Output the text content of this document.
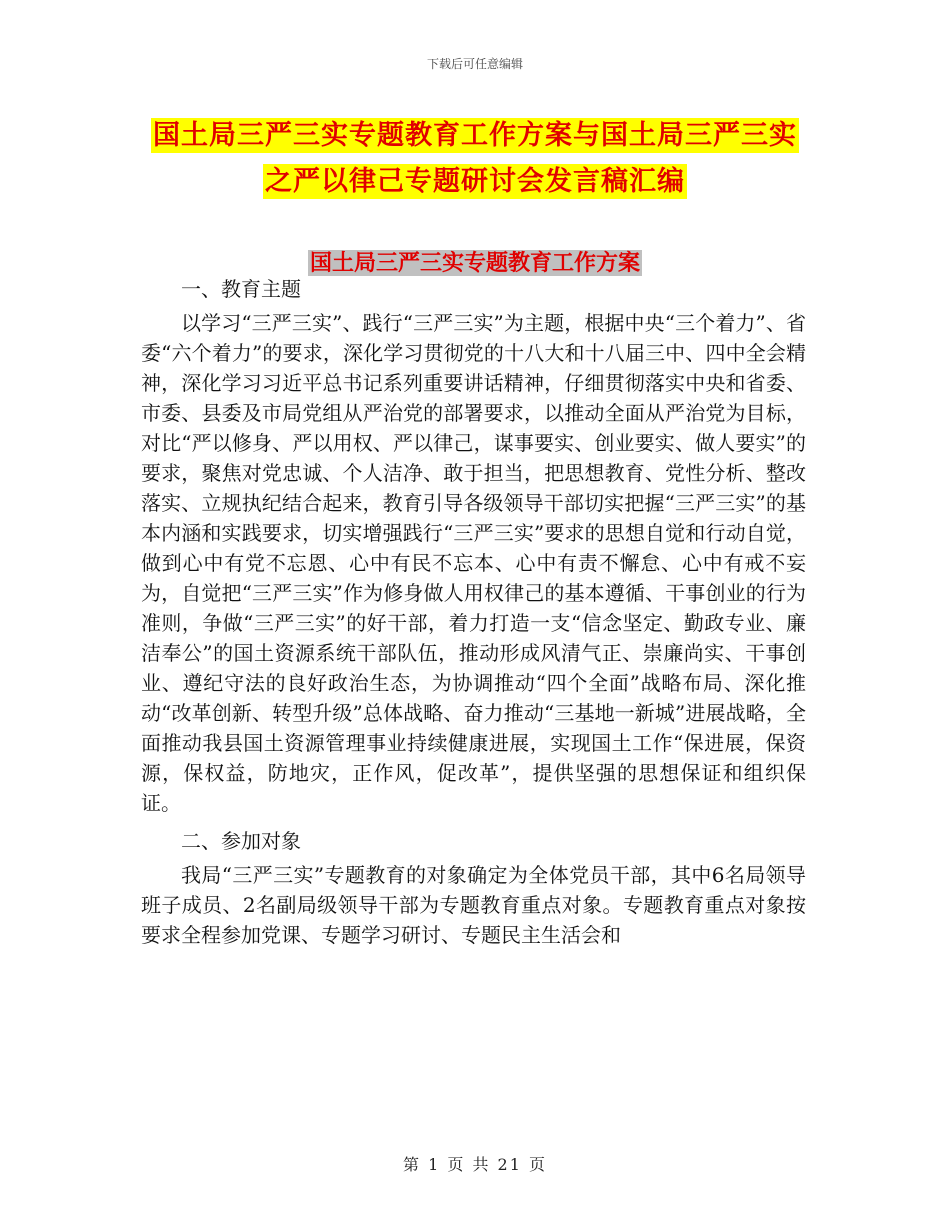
下载后可任意编辑
国土局三严三实专题教育工作方案与国土局三严三实
之严以律己专题研讨会发言稿汇编
国土局三严三实专题教育工作方案

一、教育主题

以学习“三严三实”、践行“三严三实”为主题，根据中央“三个着力”、省委“六个着力”的要求，深化学习贯彻党的十八大和十八届三中、四中全会精神，深化学习习近平总书记系列重要讲话精神，仔细贯彻落实中央和省委、市委、县委及市局党组从严治党的部署要求，以推动全面从严治党为目标，对比“严以修身、严以用权、严以律己，谋事要实、创业要实、做人要实”的要求，聚焦对党忠诚、个人洁净、敢于担当，把思想教育、党性分析、整改落实、立规执纪结合起来，教育引导各级领导干部切实把握“三严三实”的基本内涵和实践要求，切实增强践行“三严三实”要求的思想自觉和行动自觉，做到心中有党不忘恩、心中有民不忘本、心中有责不懈怠、心中有戒不妄为，自觉把“三严三实”作为修身做人用权律己的基本遵循、干事创业的行为准则，争做“三严三实”的好干部，着力打造一支“信念坚定、勤政专业、廉洁奉公”的国土资源系统干部队伍，推动形成风清气正、崇廉尚实、干事创业、遵纪守法的良好政治生态，为协调推动“四个全面”战略布局、深化推动“改革创新、转型升级”总体战略、奋力推动“三基地一新城”进展战略，全面推动我县国土资源管理事业持续健康进展，实现国土工作“保进展，保资源，保权益，防地灾，正作风，促改革”，提供坚强的思想保证和组织保证。

二、参加对象

我局“三严三实”专题教育的对象确定为全体党员干部，其中6名局领导班子成员、2名副局级领导干部为专题教育重点对象。专题教育重点对象按要求全程参加党课、专题学习研讨、专题民主生活会和

第 1 页 共 21 页
